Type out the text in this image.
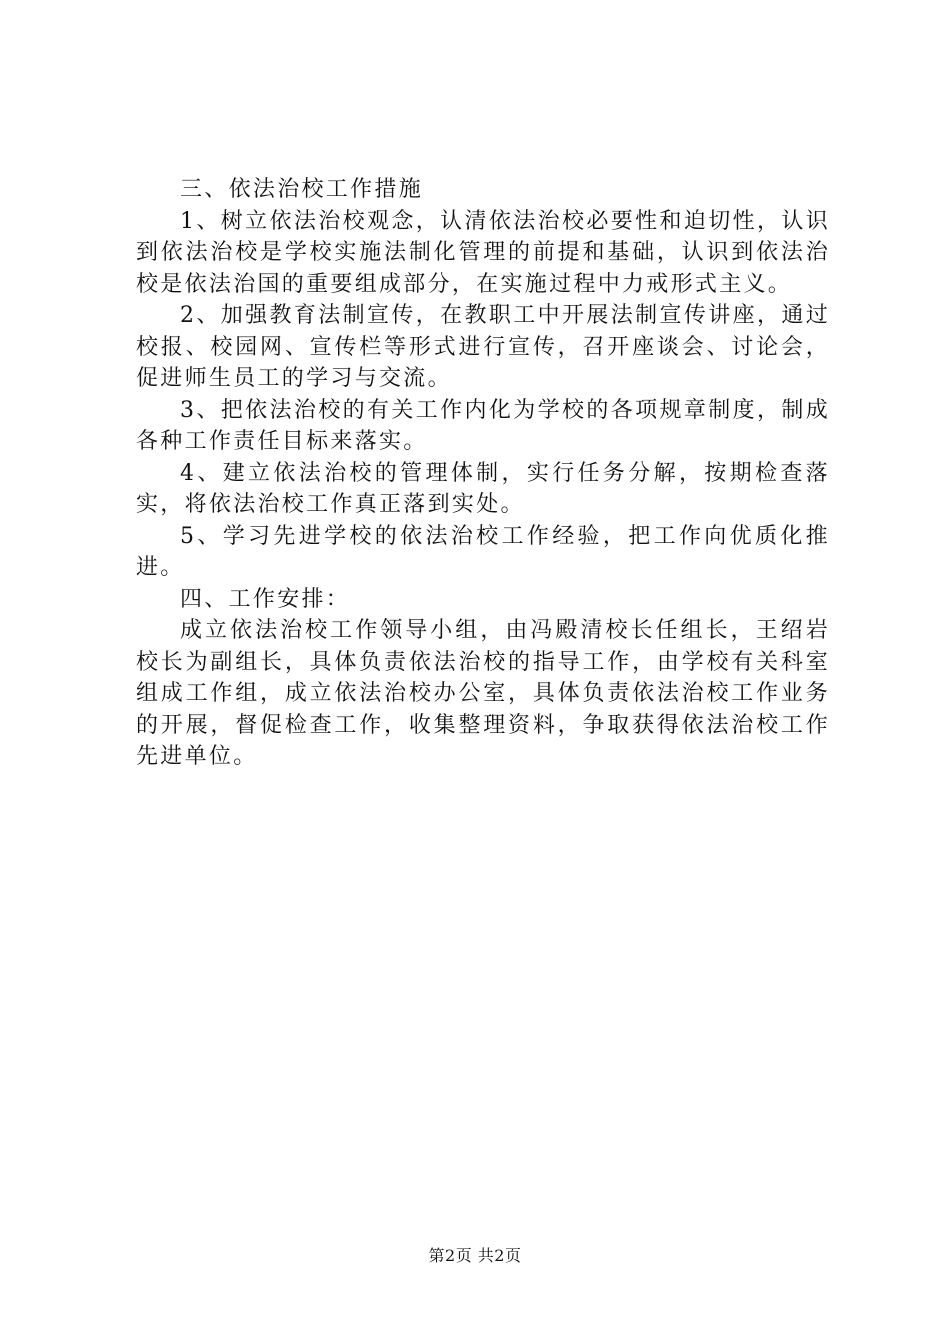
三、依法治校工作措施

1、树立依法治校观念，认清依法治校必要性和迫切性，认识到依法治校是学校实施法制化管理的前提和基础，认识到依法治校是依法治国的重要组成部分，在实施过程中力戒形式主义。

2、加强教育法制宣传，在教职工中开展法制宣传讲座，通过校报、校园网、宣传栏等形式进行宣传，召开座谈会、讨论会，促进师生员工的学习与交流。

3、把依法治校的有关工作内化为学校的各项规章制度，制成各种工作责任目标来落实。

4、建立依法治校的管理体制，实行任务分解，按期检查落实，将依法治校工作真正落到实处。

5、学习先进学校的依法治校工作经验，把工作向优质化推进。

四、工作安排：

成立依法治校工作领导小组，由冯殿清校长任组长，王绍岩校长为副组长，具体负责依法治校的指导工作，由学校有关科室组成工作组，成立依法治校办公室，具体负责依法治校工作业务的开展，督促检查工作，收集整理资料，争取获得依法治校工作先进单位。

第2页 共2页
